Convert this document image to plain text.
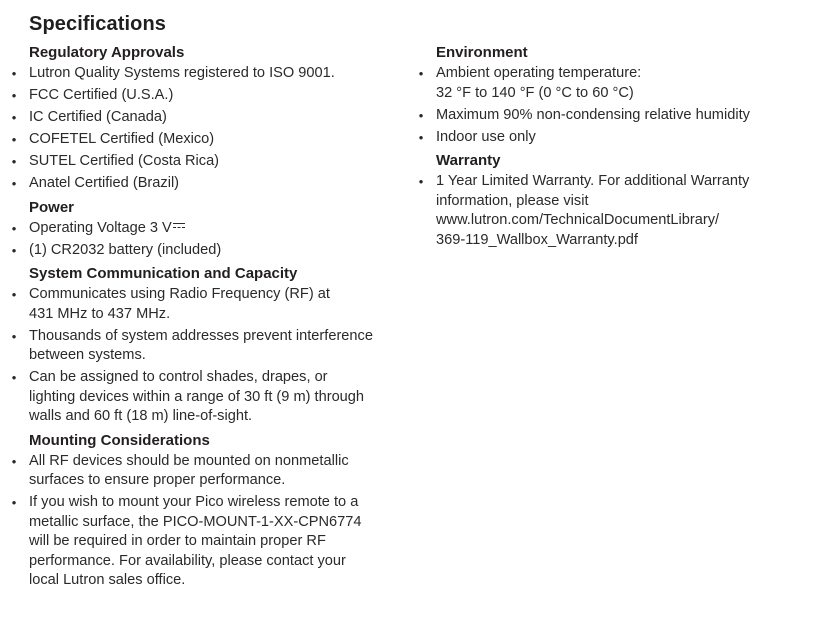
Specifications
Regulatory Approvals
• Lutron Quality Systems registered to ISO 9001.
• FCC Certified (U.S.A.)
• IC Certified (Canada)
• COFETEL Certified (Mexico)
• SUTEL Certified (Costa Rica)
• Anatel Certified (Brazil)
Power
• Operating Voltage 3 V
• (1) CR2032 battery (included)
System Communication and Capacity
• Communicates using Radio Frequency (RF) at
431 MHz to 437 MHz.
• Thousands of system addresses prevent interference
between systems.
• Can be assigned to control shades, drapes, or
lighting devices within a range of 30 ft (9 m) through
walls and 60 ft (18 m) line-of-sight.
Mounting Considerations
• All RF devices should be mounted on nonmetallic
surfaces to ensure proper performance.
• If you wish to mount your Pico wireless remote to a
metallic surface, the PICO-MOUNT-1-XX-CPN6774
will be required in order to maintain proper RF
performance. For availability, please contact your
local Lutron sales office.
Environment
• Ambient operating temperature:
32 °F to 140 °F (0 °C to 60 °C)
• Maximum 90% non-condensing relative humidity
• Indoor use only
Warranty
• 1 Year Limited Warranty. For additional Warranty
information, please visit
www.lutron.com/TechnicalDocumentLibrary/
369-119_Wallbox_Warranty.pdf
